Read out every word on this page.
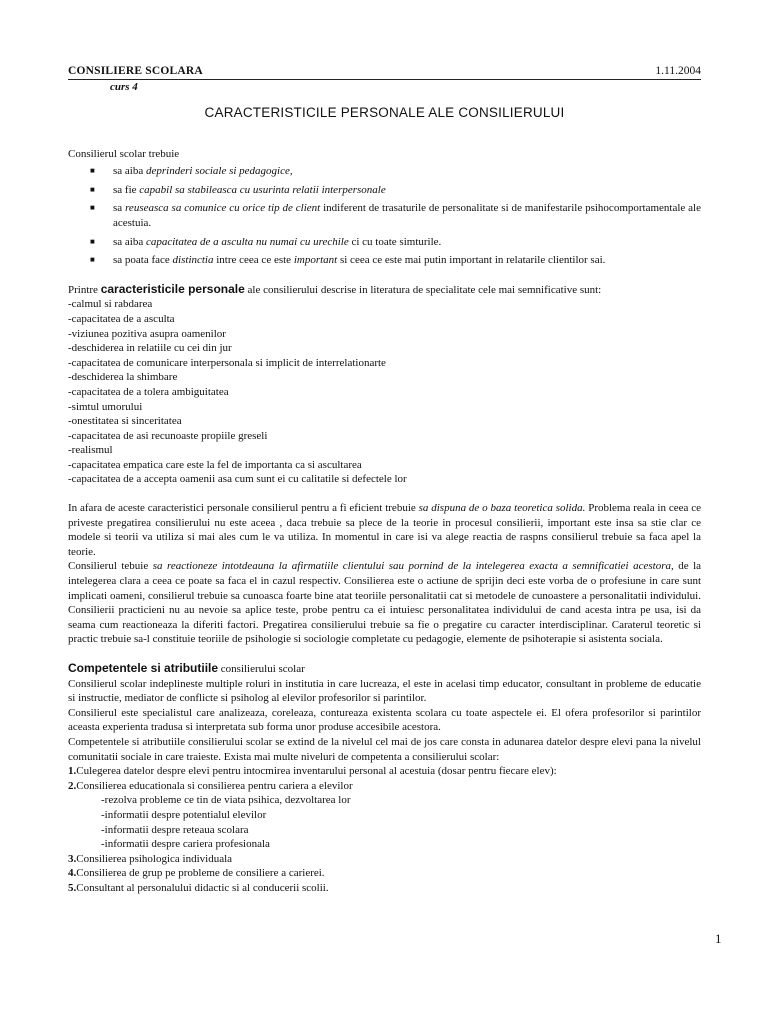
CONSILIERE SCOLARA	1.11.2004
curs 4
CARACTERISTICILE PERSONALE ALE CONSILIERULUI

Consilierul scolar trebuie

■ sa aiba deprinderi sociale si pedagogice,
■ sa fie capabil sa stabileasca cu usurinta relatii interpersonale
■ sa reuseasca sa comunice cu orice tip de client indiferent de trasaturile de personalitate si de manifestarile psihocomportamentale ale acestuia.
■ sa aiba capacitatea de a asculta nu numai cu urechile ci cu toate simturile.
■ sa poata face distinctia intre ceea ce este important si ceea ce este mai putin important in relatarile clientilor sai.

Printre caracteristicile personale ale consilierului descrise in literatura de specialitate cele mai semnificative sunt:

-calmul si rabdarea
-capacitatea de a asculta
-viziunea pozitiva asupra oamenilor
-deschiderea in relatiile cu cei din jur
-capacitatea de comunicare interpersonala si implicit de interrelationarte
-deschiderea la shimbare
-capacitatea de a tolera ambiguitatea
-simtul umorului
-onestitatea si sinceritatea
-capacitatea de asi recunoaste propiile greseli
-realismul
-capacitatea empatica care este la fel de importanta ca si ascultarea
-capacitatea de a accepta oamenii asa cum sunt ei cu calitatile si defectele lor

In afara de aceste caracteristici personale consilierul pentru a fi eficient trebuie sa dispuna de o baza teoretica solida. Problema reala in ceea ce priveste pregatirea consilierului nu este aceea , daca trebuie sa plece de la teorie in procesul consilierii, important este insa sa stie clar ce modele si teorii va utiliza si mai ales cum le va utiliza. In momentul in care isi va alege reactia de raspns consilierul trebuie sa faca apel la teorie.

Consilierul tebuie sa reactioneze intotdeauna la afirmatiile clientului sau pornind de la intelegerea exacta a semnificatiei acestora, de la intelegerea clara a ceea ce poate sa faca el in cazul respectiv. Consilierea este o actiune de sprijin deci este vorba de o profesiune in care sunt implicati oameni, consilierul trebuie sa cunoasca foarte bine atat teoriile personalitatii cat si metodele de cunoastere a personalitatii individului. Consilierii practicieni nu au nevoie sa aplice teste, probe pentru ca ei intuiesc personalitatea individului de cand acesta intra pe usa, isi da seama cum reactioneaza la diferiti factori. Pregatirea consilierului trebuie sa fie o pregatire cu caracter interdisciplinar. Caraterul teoretic si practic trebuie sa-l constituie teoriile de psihologie si sociologie completate cu pedagogie, elemente de psihoterapie si asistenta sociala.

Competentele si atributiile consilierului scolar

Consilierul scolar indeplineste multiple roluri in institutia in care lucreaza, el este in acelasi timp educator, consultant in probleme de educatie si instructie, mediator de conflicte si psiholog al elevilor profesorilor si parintilor.

Consilierul este specialistul care analizeaza, coreleaza, contureaza existenta scolara cu toate aspectele ei. El ofera profesorilor si parintilor aceasta experienta tradusa si interpretata sub forma unor produse accesibile acestora.

Competentele si atributiile consilierului scolar se extind de la nivelul cel mai de jos care consta in adunarea datelor despre elevi pana la nivelul comunitatii sociale in care traieste. Exista mai multe niveluri de competenta a consilierului scolar:

1.Culegerea datelor despre elevi pentru intocmirea inventarului personal al acestuia (dosar pentru fiecare elev):
2.Consilierea educationala si consilierea pentru cariera a elevilor
-rezolva probleme ce tin de viata psihica, dezvoltarea lor
-informatii despre potentialul elevilor
-informatii despre reteaua scolara
-informatii despre cariera profesionala
3.Consilierea psihologica individuala
4.Consilierea de grup pe probleme de consiliere a carierei.
5.Consultant al personalului didactic si al conducerii scolii.
1
